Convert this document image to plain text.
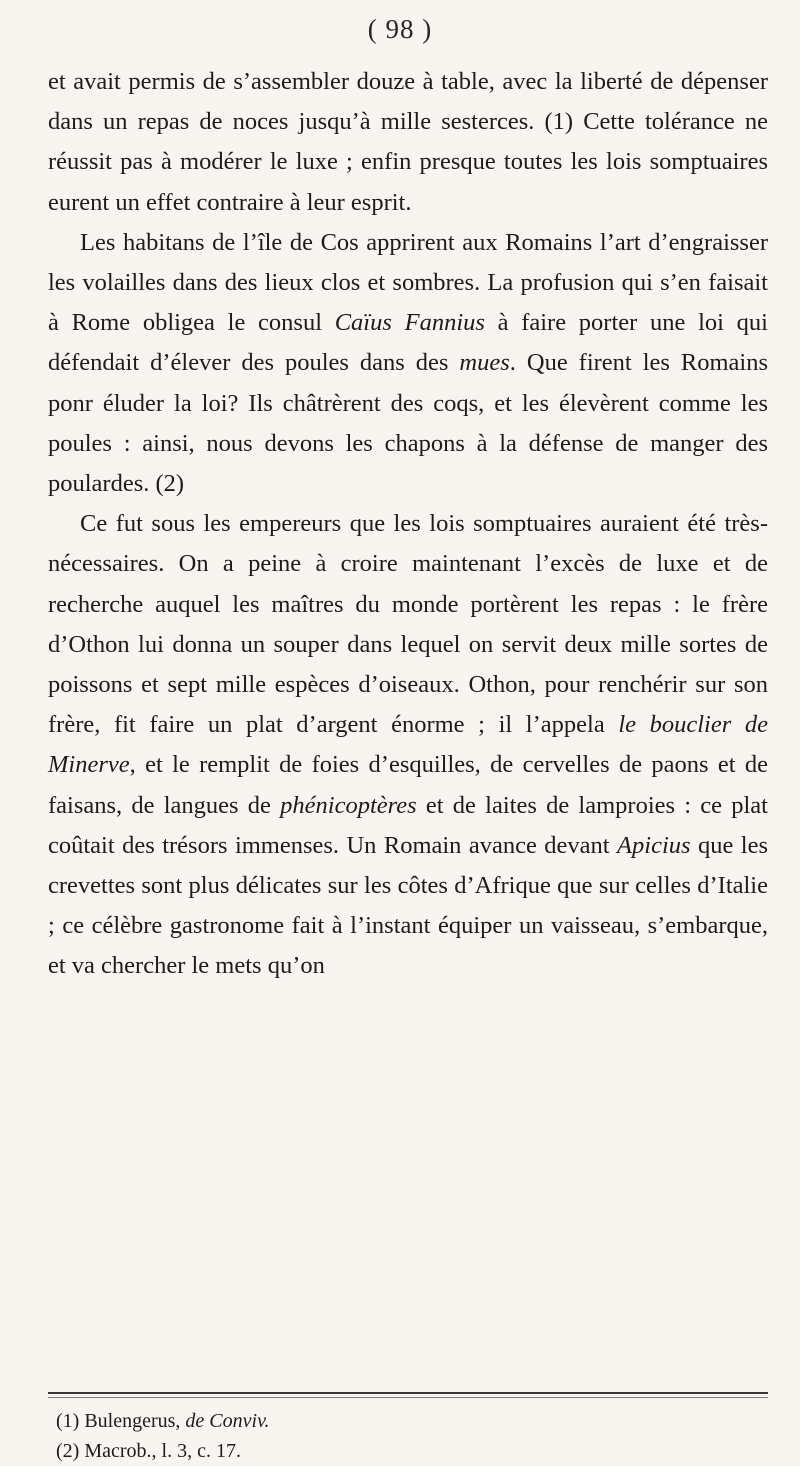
( 98 )

et avait permis de s’assembler douze à table, avec la liberté de dépenser dans un repas de noces jusqu’à mille sesterces. (1) Cette tolérance ne réussit pas à modérer le luxe ; enfin presque toutes les lois somptuaires eurent un effet contraire à leur esprit.

Les habitans de l’île de Cos apprirent aux Romains l’art d’engraisser les volailles dans des lieux clos et sombres. La profusion qui s’en faisait à Rome obligea le consul Caïus Fannius à faire porter une loi qui défendait d’élever des poules dans des mues. Que firent les Romains ponr éluder la loi? Ils châtrèrent des coqs, et les élevèrent comme les poules : ainsi, nous devons les chapons à la défense de manger des poulardes. (2)

Ce fut sous les empereurs que les lois somptuaires auraient été très-nécessaires. On a peine à croire maintenant l’excès de luxe et de recherche auquel les maîtres du monde portèrent les repas : le frère d’Othon lui donna un souper dans lequel on servit deux mille sortes de poissons et sept mille espèces d’oiseaux. Othon, pour renchérir sur son frère, fit faire un plat d’argent énorme ; il l’appela le bouclier de Minerve, et le remplit de foies d’esquilles, de cervelles de paons et de faisans, de langues de phénicoptères et de laites de lamproies : ce plat coûtait des trésors immenses. Un Romain avance devant Apicius que les crevettes sont plus délicates sur les côtes d’Afrique que sur celles d’Italie ; ce célèbre gastronome fait à l’instant équiper un vaisseau, s’embarque, et va chercher le mets qu’on

(1) Bulengerus, de Conviv.
(2) Macrob., l. 3, c. 17.
